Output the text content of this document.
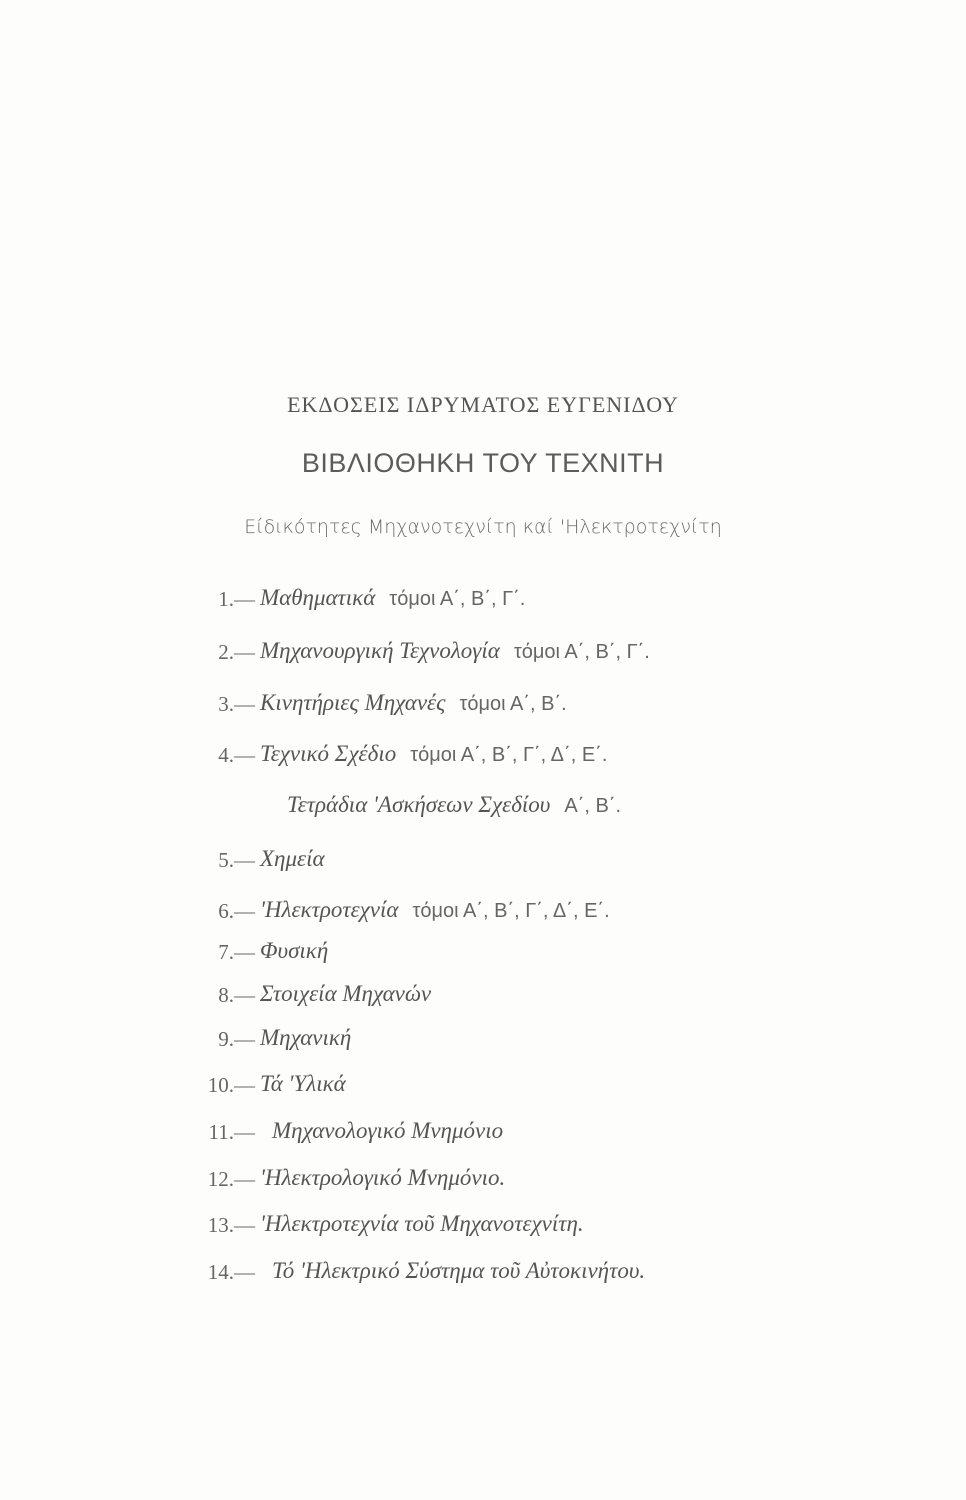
ΕΚΔΟΣΕΙΣ ΙΔΡΥΜΑΤΟΣ ΕΥΓΕΝΙΔΟΥ
ΒΙΒΛΙΟΘΗΚΗ ΤΟΥ ΤΕΧΝΙΤΗ
Είδικότητες Μηχανοτεχνίτη καί 'Ηλεκτροτεχνίτη
1.— Μαθηματικά τόμοι Α΄, Β΄, Γ΄.
2.— Μηχανουργική Τεχνολογία τόμοι Α΄, Β΄, Γ΄.
3.— Κινητήριες Μηχανές τόμοι Α΄, Β΄.
4.— Τεχνικό Σχέδιο τόμοι Α΄, Β΄, Γ΄, Δ΄, Ε΄.
Τετράδια 'Ασκήσεων Σχεδίου Α΄, Β΄.
5.— Χημεία
6.— 'Ηλεκτροτεχνία τόμοι Α΄, Β΄, Γ΄, Δ΄, Ε΄.
7.— Φυσική
8.— Στοιχεία Μηχανών
9.— Μηχανική
10.— Τά 'Υλικά
11.— Μηχανολογικό Μνημόνιο
12.— 'Ηλεκτρολογικό Μνημόνιο.
13.— 'Ηλεκτροτεχνία τοῦ Μηχανοτεχνίτη.
14.— Τό 'Ηλεκτρικό Σύστημα τοῦ Αὐτοκινήτου.
